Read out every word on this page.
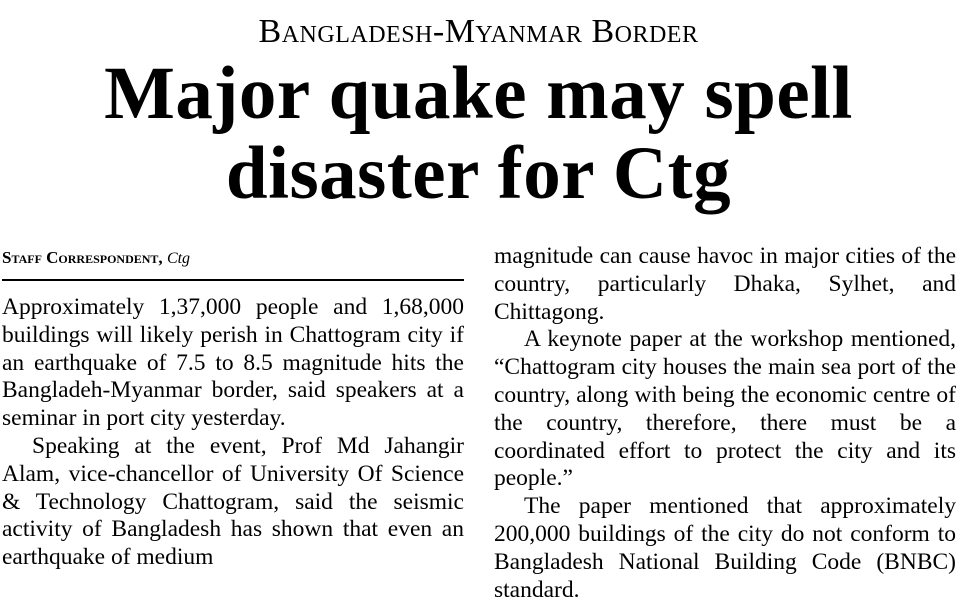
Bangladesh-Myanmar Border
Major quake may spell
disaster for Ctg
Staff Correspondent, Ctg

Approximately 1,37,000 people and 1,68,000 buildings will likely perish in Chattogram city if an earthquake of 7.5 to 8.5 magnitude hits the Bangladeh-Myanmar border, said speakers at a seminar in port city yesterday.

Speaking at the event, Prof Md Jahangir Alam, vice-chancellor of University Of Science & Technology Chattogram, said the seismic activity of Bangladesh has shown that even an earthquake of medium

magnitude can cause havoc in major cities of the country, particularly Dhaka, Sylhet, and Chittagong.

A keynote paper at the workshop mentioned, “Chattogram city houses the main sea port of the country, along with being the economic centre of the country, therefore, there must be a coordinated effort to protect the city and its people.”

The paper mentioned that approximately 200,000 buildings of the city do not conform to Bangladesh National Building Code (BNBC) standard.
